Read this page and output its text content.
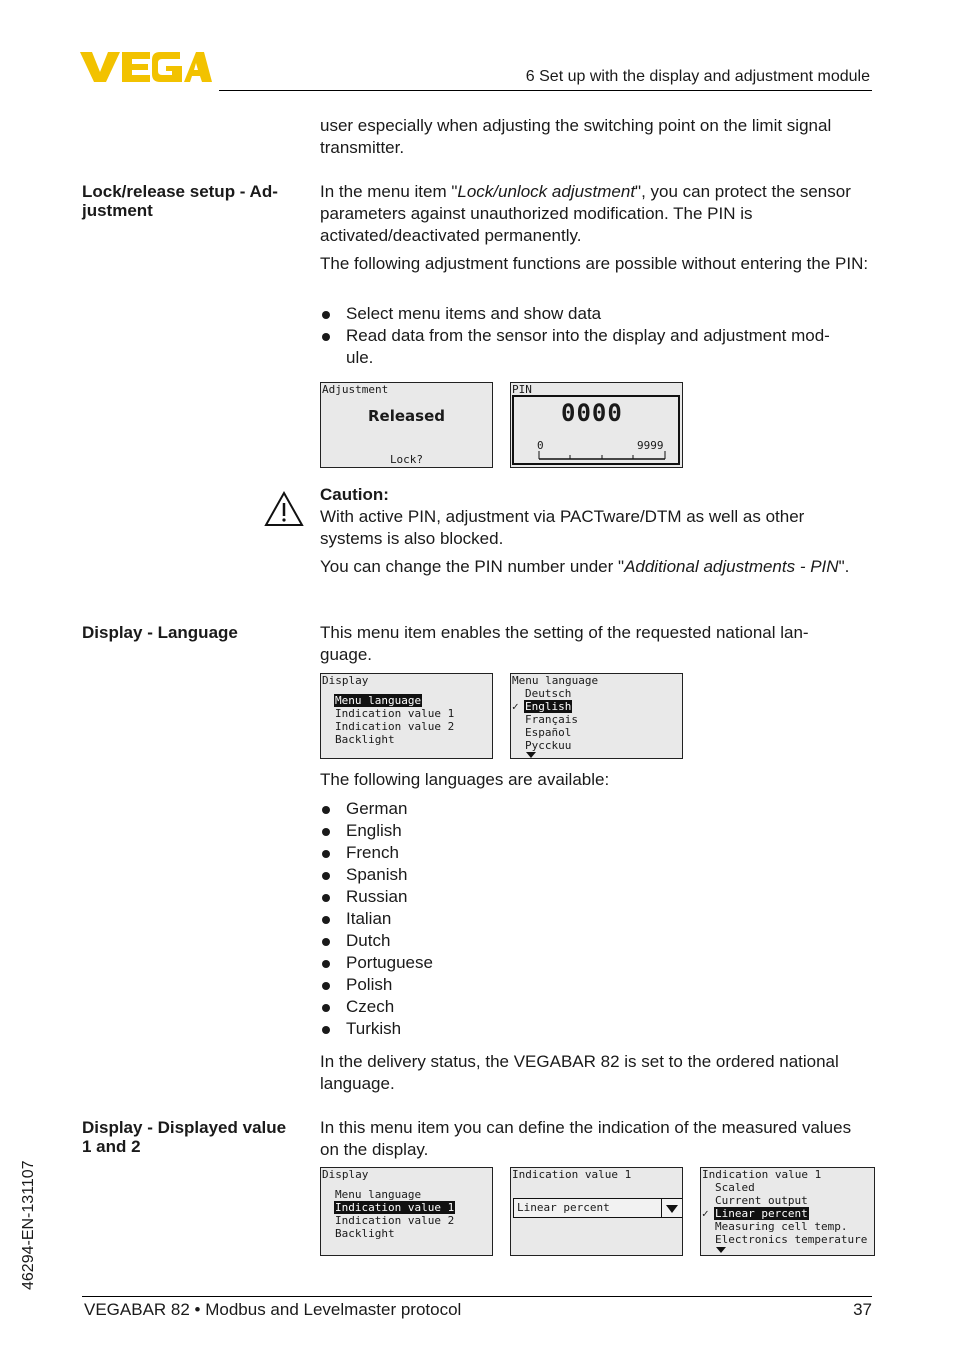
6 Set up with the display and adjustment module
user especially when adjusting the switching point on the limit signal transmitter.
Lock/release setup - Ad-
justment

In the menu item "Lock/unlock adjustment", you can protect the sensor parameters against unauthorized modification. The PIN is activated/deactivated permanently.

The following adjustment functions are possible without entering the PIN:
Select menu items and show data
Read data from the sensor into the display and adjustment mod-
ule.
Adjustment
Released
Lock?
PIN
0000
0	9999

Caution:

With active PIN, adjustment via PACTware/DTM as well as other systems is also blocked.

You can change the PIN number under "Additional adjustments - PIN".

Display - Language	This menu item enables the setting of the requested national lan-
guage.
Display
Menu language
Indication value 1
Indication value 2
Backlight
Menu language
Deutsch
✓ English
Français
Español
Pycckuu
The following languages are available:
German
English
French
Spanish
Russian
Italian
Dutch
Portuguese
Polish
Czech
Turkish
In the delivery status, the VEGABAR 82 is set to the ordered national language.
Display - Displayed value
1 and 2
In this menu item you can define the indication of the measured values on the display.
Display
Menu language
Indication value 1
Indication value 2
Backlight
Indication value 1
Linear percent
Indication value 1
Scaled
Current output
✓ Linear percent
Measuring cell temp.
Electronics temperature
46294-EN-131107
VEGABAR 82 • Modbus and Levelmaster protocol	37
